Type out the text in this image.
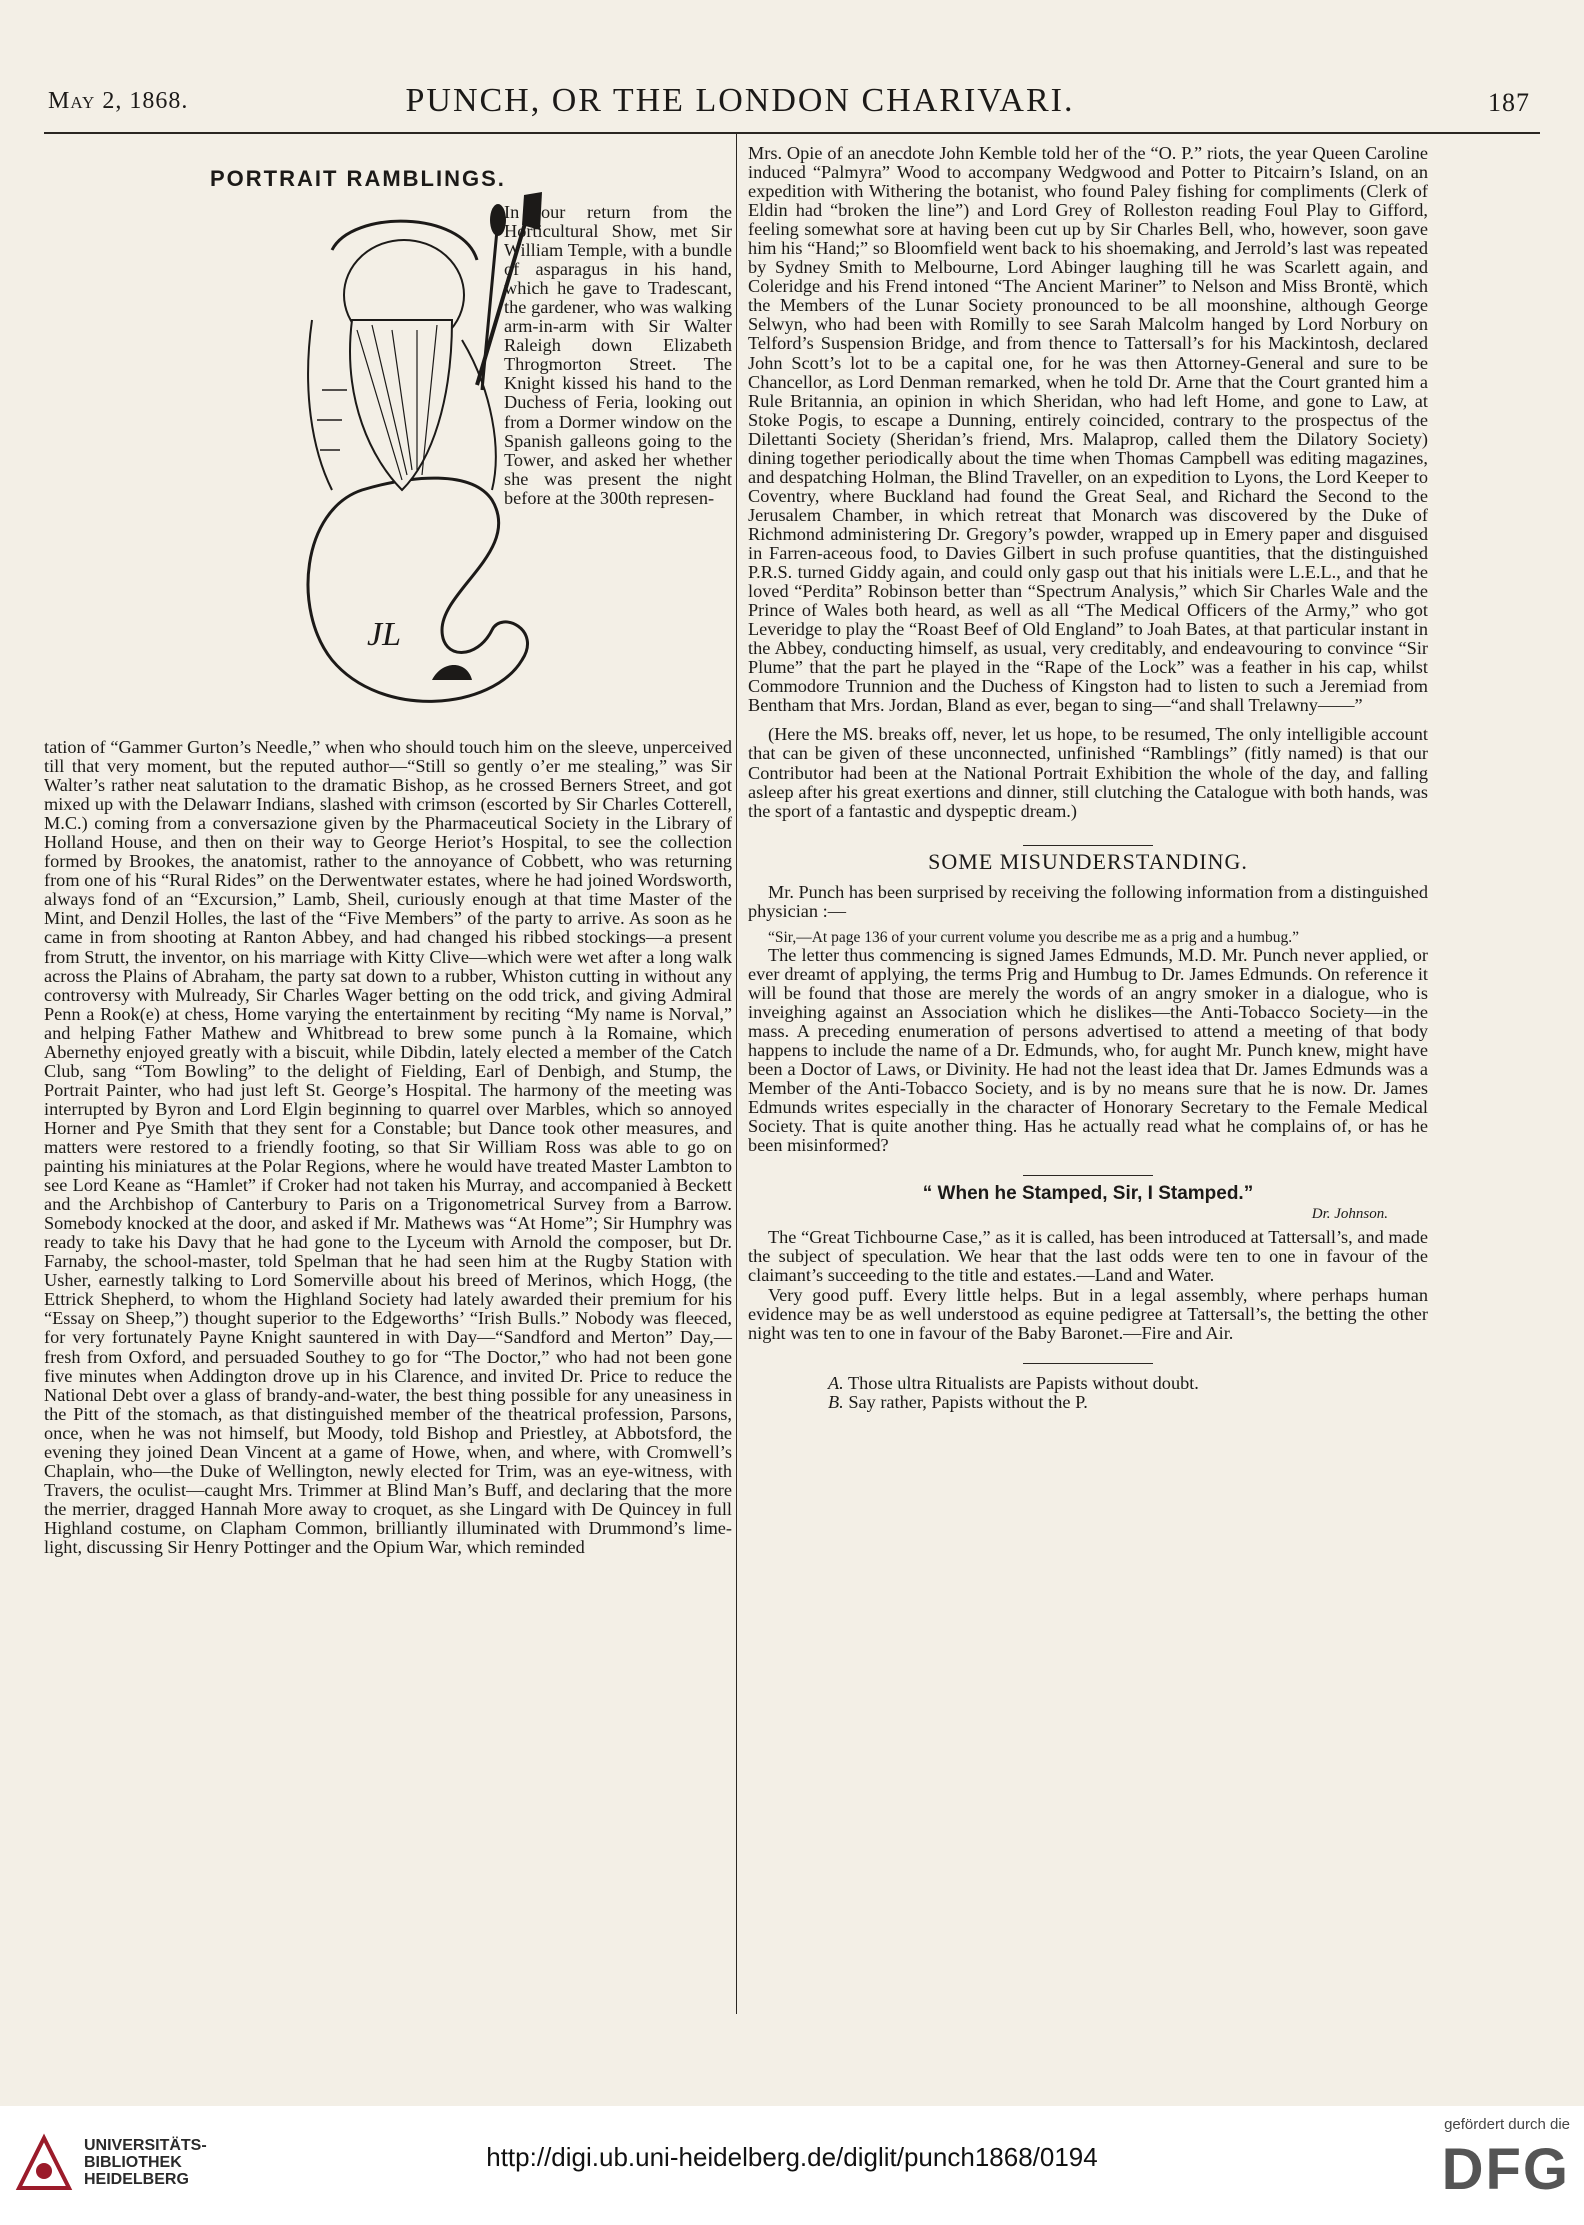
May 2, 1868.	PUNCH, OR THE LONDON CHARIVARI.	187
PORTRAIT RAMBLINGS.
JL

In our return from the Horticultural Show, met Sir William Temple, with a bundle of asparagus in his hand, which he gave to Tradescant, the gardener, who was walking arm-in-arm with Sir Walter Raleigh down Elizabeth Throgmorton Street. The Knight kissed his hand to the Duchess of Feria, looking out from a Dormer window on the Spanish galleons going to the Tower, and asked her whether she was present the night before at the 300th represen-

tation of “Gammer Gurton’s Needle,” when who should touch him on the sleeve, unperceived till that very moment, but the reputed author—“Still so gently o’er me stealing,” was Sir Walter’s rather neat salutation to the dramatic Bishop, as he crossed Berners Street, and got mixed up with the Delawarr Indians, slashed with crimson (escorted by Sir Charles Cotterell, M.C.) coming from a conversazione given by the Pharmaceutical Society in the Library of Holland House, and then on their way to George Heriot’s Hospital, to see the collection formed by Brookes, the anatomist, rather to the annoyance of Cobbett, who was returning from one of his “Rural Rides” on the Derwentwater estates, where he had joined Wordsworth, always fond of an “Excursion,” Lamb, Sheil, curiously enough at that time Master of the Mint, and Denzil Holles, the last of the “Five Members” of the party to arrive. As soon as he came in from shooting at Ranton Abbey, and had changed his ribbed stockings—a present from Strutt, the inventor, on his marriage with Kitty Clive—which were wet after a long walk across the Plains of Abraham, the party sat down to a rubber, Whiston cutting in without any controversy with Mulready, Sir Charles Wager betting on the odd trick, and giving Admiral Penn a Rook(e) at chess, Home varying the entertainment by reciting “My name is Norval,” and helping Father Mathew and Whitbread to brew some punch à la Romaine, which Abernethy enjoyed greatly with a biscuit, while Dibdin, lately elected a member of the Catch Club, sang “Tom Bowling” to the delight of Fielding, Earl of Denbigh, and Stump, the Portrait Painter, who had just left St. George’s Hospital. The harmony of the meeting was interrupted by Byron and Lord Elgin beginning to quarrel over Marbles, which so annoyed Horner and Pye Smith that they sent for a Constable; but Dance took other measures, and matters were restored to a friendly footing, so that Sir William Ross was able to go on painting his miniatures at the Polar Regions, where he would have treated Master Lambton to see Lord Keane as “Hamlet” if Croker had not taken his Murray, and accompanied à Beckett and the Archbishop of Canterbury to Paris on a Trigonometrical Survey from a Barrow. Somebody knocked at the door, and asked if Mr. Mathews was “At Home”; Sir Humphry was ready to take his Davy that he had gone to the Lyceum with Arnold the composer, but Dr. Farnaby, the school-master, told Spelman that he had seen him at the Rugby Station with Usher, earnestly talking to Lord Somerville about his breed of Merinos, which Hogg, (the Ettrick Shepherd, to whom the Highland Society had lately awarded their premium for his “Essay on Sheep,”) thought superior to the Edgeworths’ “Irish Bulls.” Nobody was fleeced, for very fortunately Payne Knight sauntered in with Day—“Sandford and Merton” Day,—fresh from Oxford, and persuaded Southey to go for “The Doctor,” who had not been gone five minutes when Addington drove up in his Clarence, and invited Dr. Price to reduce the National Debt over a glass of brandy-and-water, the best thing possible for any uneasiness in the Pitt of the stomach, as that distinguished member of the theatrical profession, Parsons, once, when he was not himself, but Moody, told Bishop and Priestley, at Abbotsford, the evening they joined Dean Vincent at a game of Howe, when, and where, with Cromwell’s Chaplain, who—the Duke of Wellington, newly elected for Trim, was an eye-witness, with Travers, the oculist—caught Mrs. Trimmer at Blind Man’s Buff, and declaring that the more the merrier, dragged Hannah More away to croquet, as she Lingard with De Quincey in full Highland costume, on Clapham Common, brilliantly illuminated with Drummond’s lime-light, discussing Sir Henry Pottinger and the Opium War, which reminded

Mrs. Opie of an anecdote John Kemble told her of the “O. P.” riots, the year Queen Caroline induced “Palmyra” Wood to accompany Wedgwood and Potter to Pitcairn’s Island, on an expedition with Withering the botanist, who found Paley fishing for compliments (Clerk of Eldin had “broken the line”) and Lord Grey of Rolleston reading Foul Play to Gifford, feeling somewhat sore at having been cut up by Sir Charles Bell, who, however, soon gave him his “Hand;” so Bloomfield went back to his shoemaking, and Jerrold’s last was repeated by Sydney Smith to Melbourne, Lord Abinger laughing till he was Scarlett again, and Coleridge and his Frend intoned “The Ancient Mariner” to Nelson and Miss Brontë, which the Members of the Lunar Society pronounced to be all moonshine, although George Selwyn, who had been with Romilly to see Sarah Malcolm hanged by Lord Norbury on Telford’s Suspension Bridge, and from thence to Tattersall’s for his Mackintosh, declared John Scott’s lot to be a capital one, for he was then Attorney-General and sure to be Chancellor, as Lord Denman remarked, when he told Dr. Arne that the Court granted him a Rule Britannia, an opinion in which Sheridan, who had left Home, and gone to Law, at Stoke Pogis, to escape a Dunning, entirely coincided, contrary to the prospectus of the Dilettanti Society (Sheridan’s friend, Mrs. Malaprop, called them the Dilatory Society) dining together periodically about the time when Thomas Campbell was editing magazines, and despatching Holman, the Blind Traveller, on an expedition to Lyons, the Lord Keeper to Coventry, where Buckland had found the Great Seal, and Richard the Second to the Jerusalem Chamber, in which retreat that Monarch was discovered by the Duke of Richmond administering Dr. Gregory’s powder, wrapped up in Emery paper and disguised in Farren-aceous food, to Davies Gilbert in such profuse quantities, that the distinguished P.R.S. turned Giddy again, and could only gasp out that his initials were L.E.L., and that he loved “Perdita” Robinson better than “Spectrum Analysis,” which Sir Charles Wale and the Prince of Wales both heard, as well as all “The Medical Officers of the Army,” who got Leveridge to play the “Roast Beef of Old England” to Joah Bates, at that particular instant in the Abbey, conducting himself, as usual, very creditably, and endeavouring to convince “Sir Plume” that the part he played in the “Rape of the Lock” was a feather in his cap, whilst Commodore Trunnion and the Duchess of Kingston had to listen to such a Jeremiad from Bentham that Mrs. Jordan, Bland as ever, began to sing—“and shall Trelawny——”

(Here the MS. breaks off, never, let us hope, to be resumed, The only intelligible account that can be given of these unconnected, unfinished “Ramblings” (fitly named) is that our Contributor had been at the National Portrait Exhibition the whole of the day, and falling asleep after his great exertions and dinner, still clutching the Catalogue with both hands, was the sport of a fantastic and dyspeptic dream.)

SOME MISUNDERSTANDING.

Mr. Punch has been surprised by receiving the following information from a distinguished physician :—

“Sir,—At page 136 of your current volume you describe me as a prig and a humbug.”

The letter thus commencing is signed James Edmunds, M.D. Mr. Punch never applied, or ever dreamt of applying, the terms Prig and Humbug to Dr. James Edmunds. On reference it will be found that those are merely the words of an angry smoker in a dialogue, who is inveighing against an Association which he dislikes—the Anti-Tobacco Society—in the mass. A preceding enumeration of persons advertised to attend a meeting of that body happens to include the name of a Dr. Edmunds, who, for aught Mr. Punch knew, might have been a Doctor of Laws, or Divinity. He had not the least idea that Dr. James Edmunds was a Member of the Anti-Tobacco Society, and is by no means sure that he is now. Dr. James Edmunds writes especially in the character of Honorary Secretary to the Female Medical Society. That is quite another thing. Has he actually read what he complains of, or has he been misinformed?

“ When he Stamped, Sir, I Stamped.”
Dr. Johnson.

The “Great Tichbourne Case,” as it is called, has been introduced at Tattersall’s, and made the subject of speculation. We hear that the last odds were ten to one in favour of the claimant’s succeeding to the title and estates.—Land and Water.

Very good puff. Every little helps. But in a legal assembly, where perhaps human evidence may be as well understood as equine pedigree at Tattersall’s, the betting the other night was ten to one in favour of the Baby Baronet.—Fire and Air.

A. Those ultra Ritualists are Papists without doubt.

B. Say rather, Papists without the P.

UNIVERSITÄTS-
BIBLIOTHEK
HEIDELBERG
http://digi.ub.uni-heidelberg.de/diglit/punch1868/0194
gefördert durch die
DFG
